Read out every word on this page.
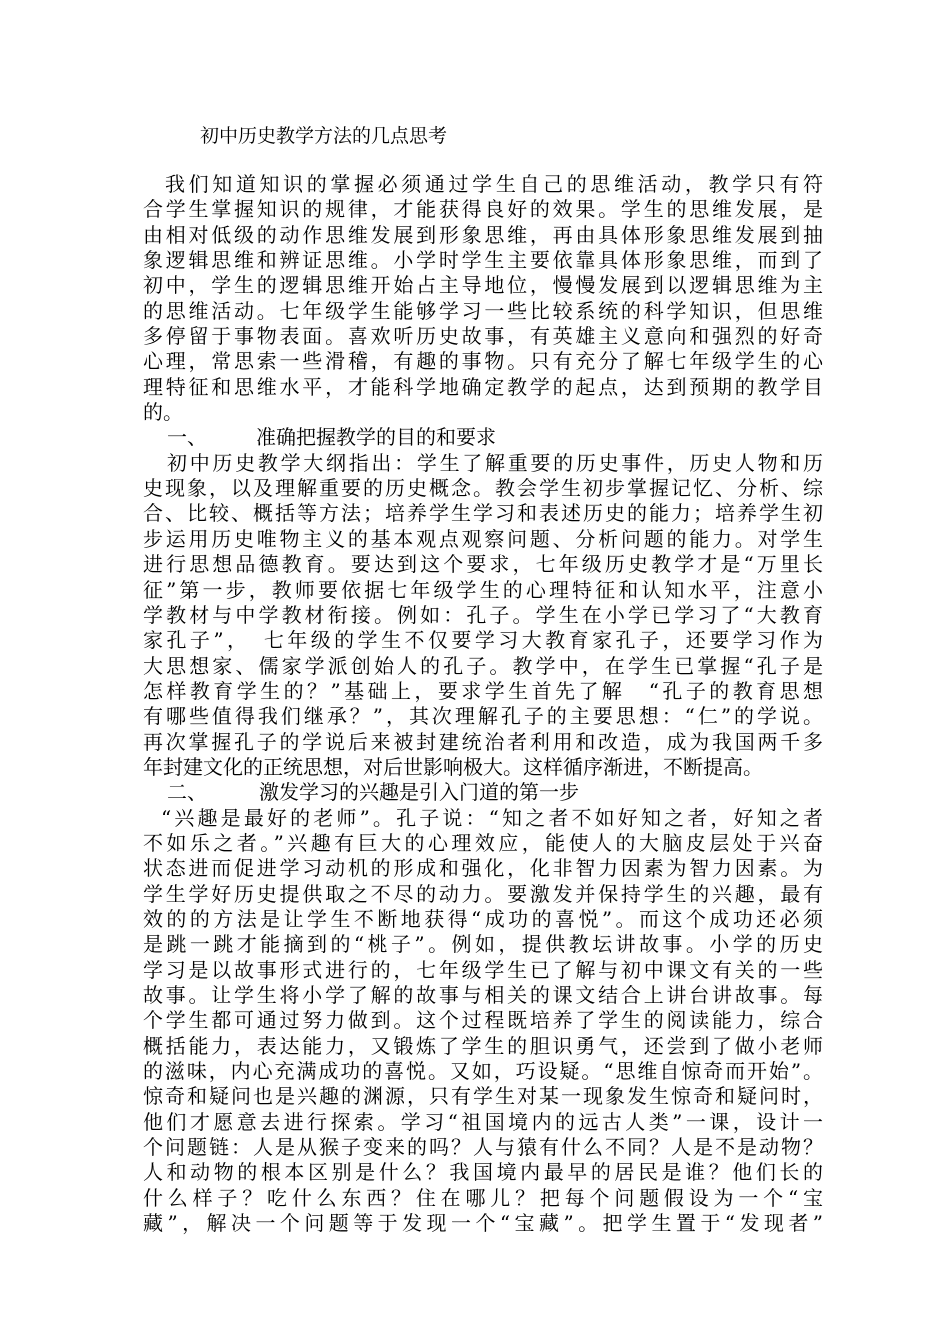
初中历史教学方法的几点思考
我们知道知识的掌握必须通过学生自己的思维活动，教学只有符
合学生掌握知识的规律，才能获得良好的效果。学生的思维发展，是
由相对低级的动作思维发展到形象思维，再由具体形象思维发展到抽
象逻辑思维和辨证思维。小学时学生主要依靠具体形象思维，而到了
初中，学生的逻辑思维开始占主导地位，慢慢发展到以逻辑思维为主
的思维活动。七年级学生能够学习一些比较系统的科学知识，但思维
多停留于事物表面。喜欢听历史故事，有英雄主义意向和强烈的好奇
心理，常思索一些滑稽，有趣的事物。只有充分了解七年级学生的心
理特征和思维水平，才能科学地确定教学的起点，达到预期的教学目
的。
一、 准确把握教学的目的和要求
初中历史教学大纲指出：学生了解重要的历史事件，历史人物和历
史现象，以及理解重要的历史概念。教会学生初步掌握记忆、分析、综
合、比较、概括等方法；培养学生学习和表述历史的能力；培养学生初
步运用历史唯物主义的基本观点观察问题、分析问题的能力。对学生
进行思想品德教育。要达到这个要求，七年级历史教学才是“万里长
征”第一步，教师要依据七年级学生的心理特征和认知水平，注意小
学教材与中学教材衔接。例如：孔子。学生在小学已学习了“大教育
家孔子”，　七年级的学生不仅要学习大教育家孔子，还要学习作为
大思想家、儒家学派创始人的孔子。教学中，在学生已掌握“孔子是
怎样教育学生的？”基础上，要求学生首先了解　“孔子的教育思想
有哪些值得我们继承？”，其次理解孔子的主要思想：“仁”的学说。
再次掌握孔子的学说后来被封建统治者利用和改造，成为我国两千多
年封建文化的正统思想，对后世影响极大。这样循序渐进，不断提高。
二、	激发学习的兴趣是引入门道的第一步
“兴趣是最好的老师”。孔子说：“知之者不如好知之者，好知之者
不如乐之者。”兴趣有巨大的心理效应，能使人的大脑皮层处于兴奋
状态进而促进学习动机的形成和强化，化非智力因素为智力因素。为
学生学好历史提供取之不尽的动力。要激发并保持学生的兴趣，最有
效的的方法是让学生不断地获得“成功的喜悦”。而这个成功还必须
是跳一跳才能摘到的“桃子”。例如，提供教坛讲故事。小学的历史
学习是以故事形式进行的，七年级学生已了解与初中课文有关的一些
故事。让学生将小学了解的故事与相关的课文结合上讲台讲故事。每
个学生都可通过努力做到。这个过程既培养了学生的阅读能力，综合
概括能力，表达能力，又锻炼了学生的胆识勇气，还尝到了做小老师
的滋味，内心充满成功的喜悦。又如，巧设疑。“思维自惊奇而开始”。
惊奇和疑问也是兴趣的渊源，只有学生对某一现象发生惊奇和疑问时，
他们才愿意去进行探索。学习“祖国境内的远古人类”一课，设计一
个问题链：人是从猴子变来的吗？人与猿有什么不同？人是不是动物？
人和动物的根本区别是什么？我国境内最早的居民是谁？他们长的
什么样子？吃什么东西？住在哪儿？把每个问题假设为一个“宝
藏”，解决一个问题等于发现一个“宝藏”。把学生置于“发现者”
